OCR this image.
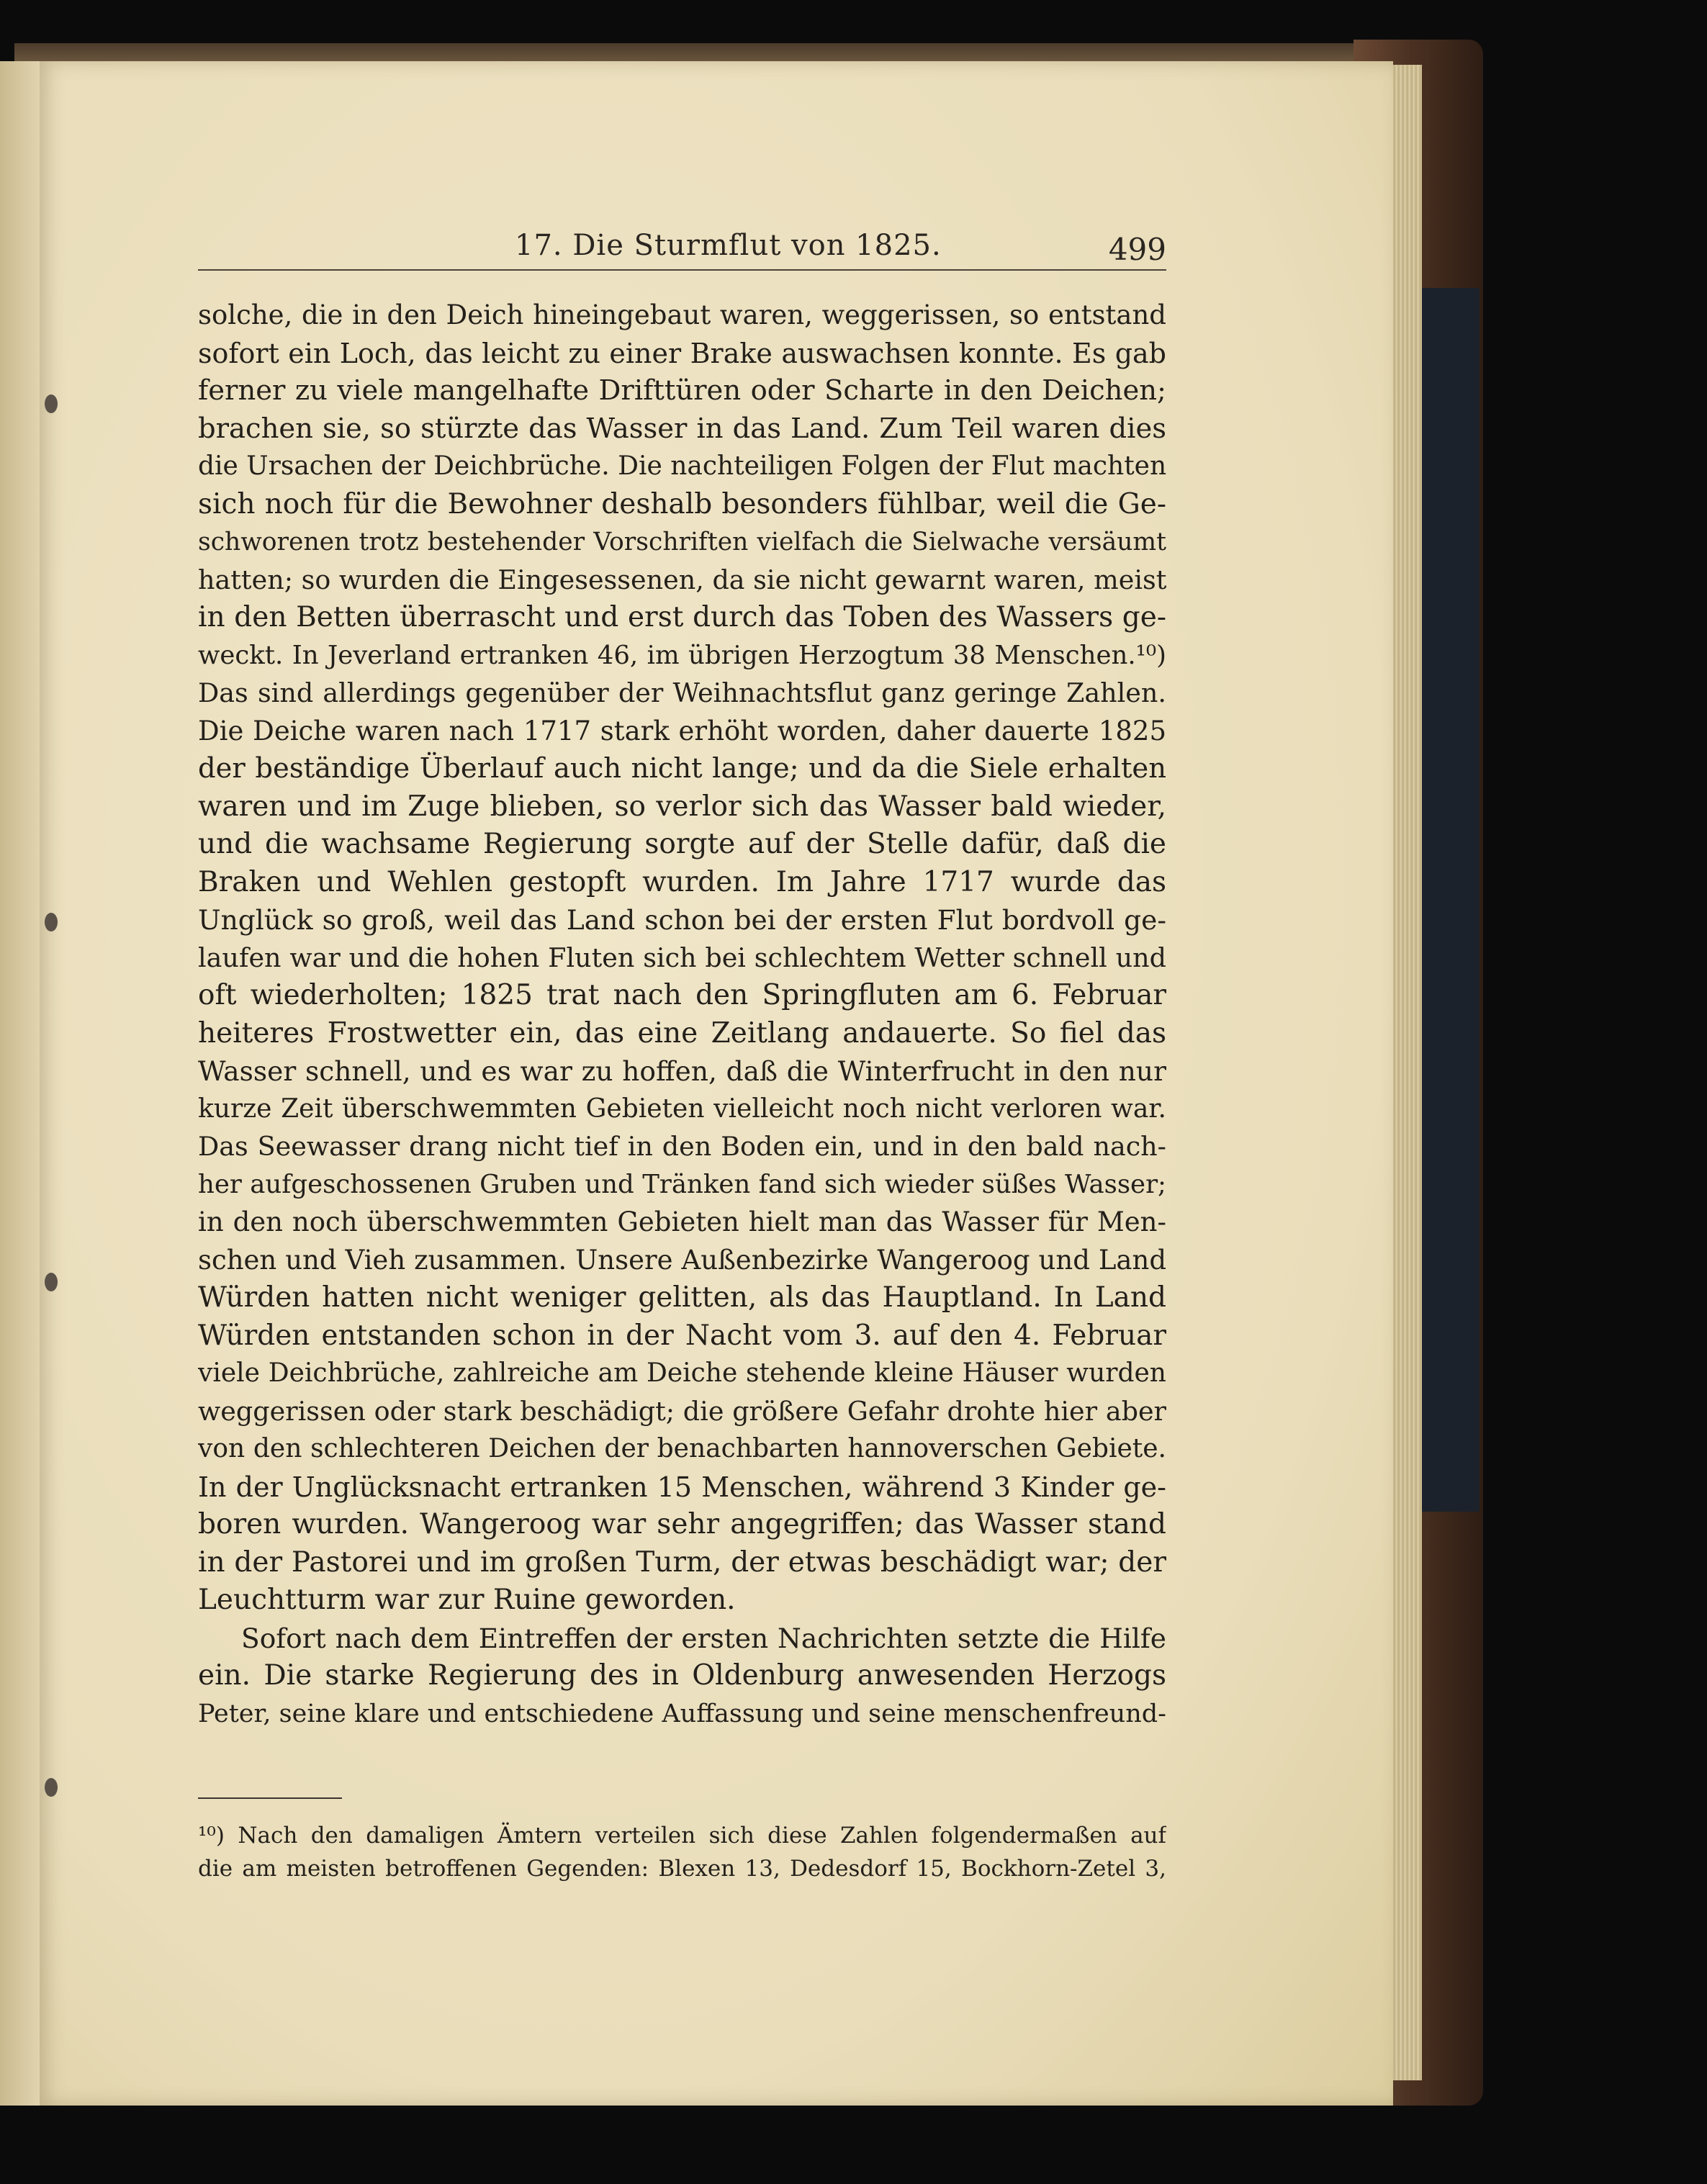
17. Die Sturmflut von 1825.	499
solche, die in den Deich hineingebaut waren, weggerissen, so entstand
sofort ein Loch, das leicht zu einer Brake auswachsen konnte. Es gab
ferner zu viele mangelhafte Drifttüren oder Scharte in den Deichen;
brachen sie, so stürzte das Wasser in das Land. Zum Teil waren dies
die Ursachen der Deichbrüche. Die nachteiligen Folgen der Flut machten
sich noch für die Bewohner deshalb besonders fühlbar, weil die Ge-
schworenen trotz bestehender Vorschriften vielfach die Sielwache versäumt
hatten; so wurden die Eingesessenen, da sie nicht gewarnt waren, meist
in den Betten überrascht und erst durch das Toben des Wassers ge-
weckt. In Jeverland ertranken 46, im übrigen Herzogtum 38 Menschen.¹⁰)
Das sind allerdings gegenüber der Weihnachtsflut ganz geringe Zahlen.
Die Deiche waren nach 1717 stark erhöht worden, daher dauerte 1825
der beständige Überlauf auch nicht lange; und da die Siele erhalten
waren und im Zuge blieben, so verlor sich das Wasser bald wieder,
und die wachsame Regierung sorgte auf der Stelle dafür, daß die
Braken und Wehlen gestopft wurden. Im Jahre 1717 wurde das
Unglück so groß, weil das Land schon bei der ersten Flut bordvoll ge-
laufen war und die hohen Fluten sich bei schlechtem Wetter schnell und
oft wiederholten; 1825 trat nach den Springfluten am 6. Februar
heiteres Frostwetter ein, das eine Zeitlang andauerte. So fiel das
Wasser schnell, und es war zu hoffen, daß die Winterfrucht in den nur
kurze Zeit überschwemmten Gebieten vielleicht noch nicht verloren war.
Das Seewasser drang nicht tief in den Boden ein, und in den bald nach-
her aufgeschossenen Gruben und Tränken fand sich wieder süßes Wasser;
in den noch überschwemmten Gebieten hielt man das Wasser für Men-
schen und Vieh zusammen. Unsere Außenbezirke Wangeroog und Land
Würden hatten nicht weniger gelitten, als das Hauptland. In Land
Würden entstanden schon in der Nacht vom 3. auf den 4. Februar
viele Deichbrüche, zahlreiche am Deiche stehende kleine Häuser wurden
weggerissen oder stark beschädigt; die größere Gefahr drohte hier aber
von den schlechteren Deichen der benachbarten hannoverschen Gebiete.
In der Unglücksnacht ertranken 15 Menschen, während 3 Kinder ge-
boren wurden. Wangeroog war sehr angegriffen; das Wasser stand
in der Pastorei und im großen Turm, der etwas beschädigt war; der
Leuchtturm war zur Ruine geworden.
Sofort nach dem Eintreffen der ersten Nachrichten setzte die Hilfe
ein. Die starke Regierung des in Oldenburg anwesenden Herzogs
Peter, seine klare und entschiedene Auffassung und seine menschenfreund-
¹⁰) Nach den damaligen Ämtern verteilen sich diese Zahlen folgendermaßen auf
die am meisten betroffenen Gegenden: Blexen 13, Dedesdorf 15, Bockhorn-Zetel 3,
